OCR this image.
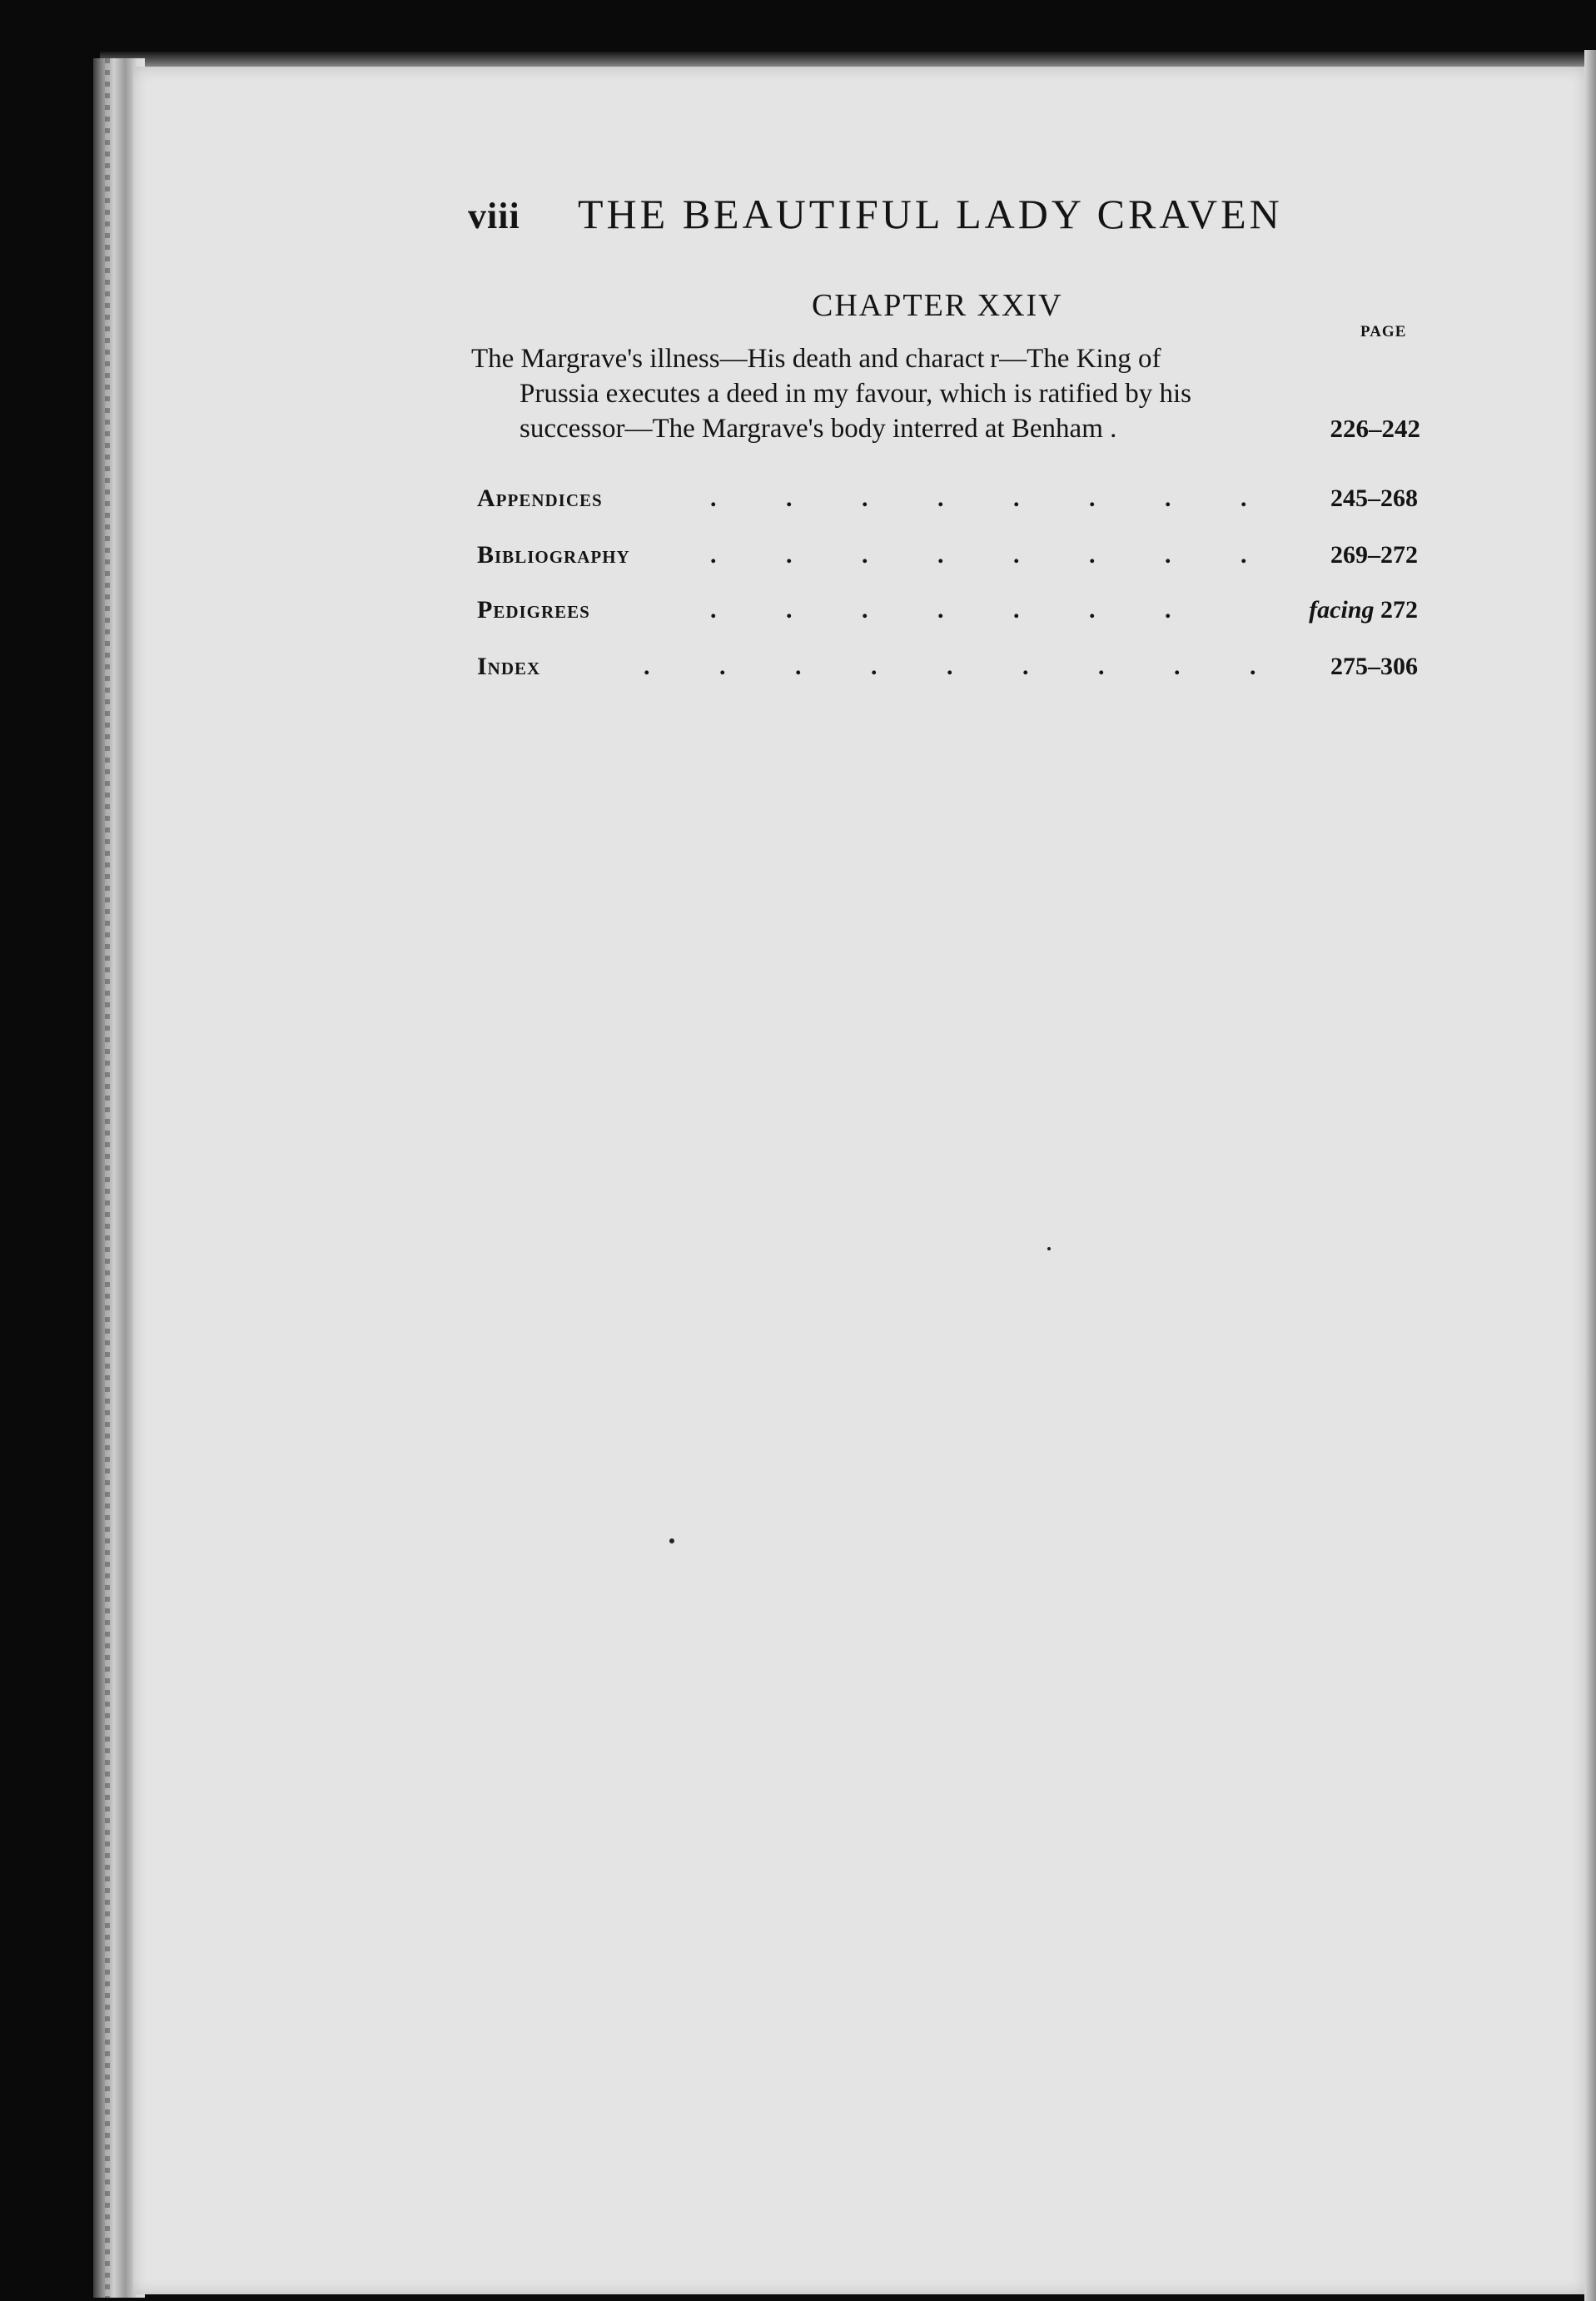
viii THE BEAUTIFUL LADY CRAVEN
CHAPTER XXIV
PAGE
The Margrave's illness—His death and charact r—The King of
Prussia executes a deed in my favour, which is ratified by his
successor—The Margrave's body interred at Benham .	226–242
Appendices	.	.	.	.	.	.	.	.	245–268
Bibliography	.	.	.	.	.	.	.	.	269–272
Pedigrees	.	.	.	.	.	.	.	facing 272
Index	.	.	.	.	.	.	.	.	.	275–306
